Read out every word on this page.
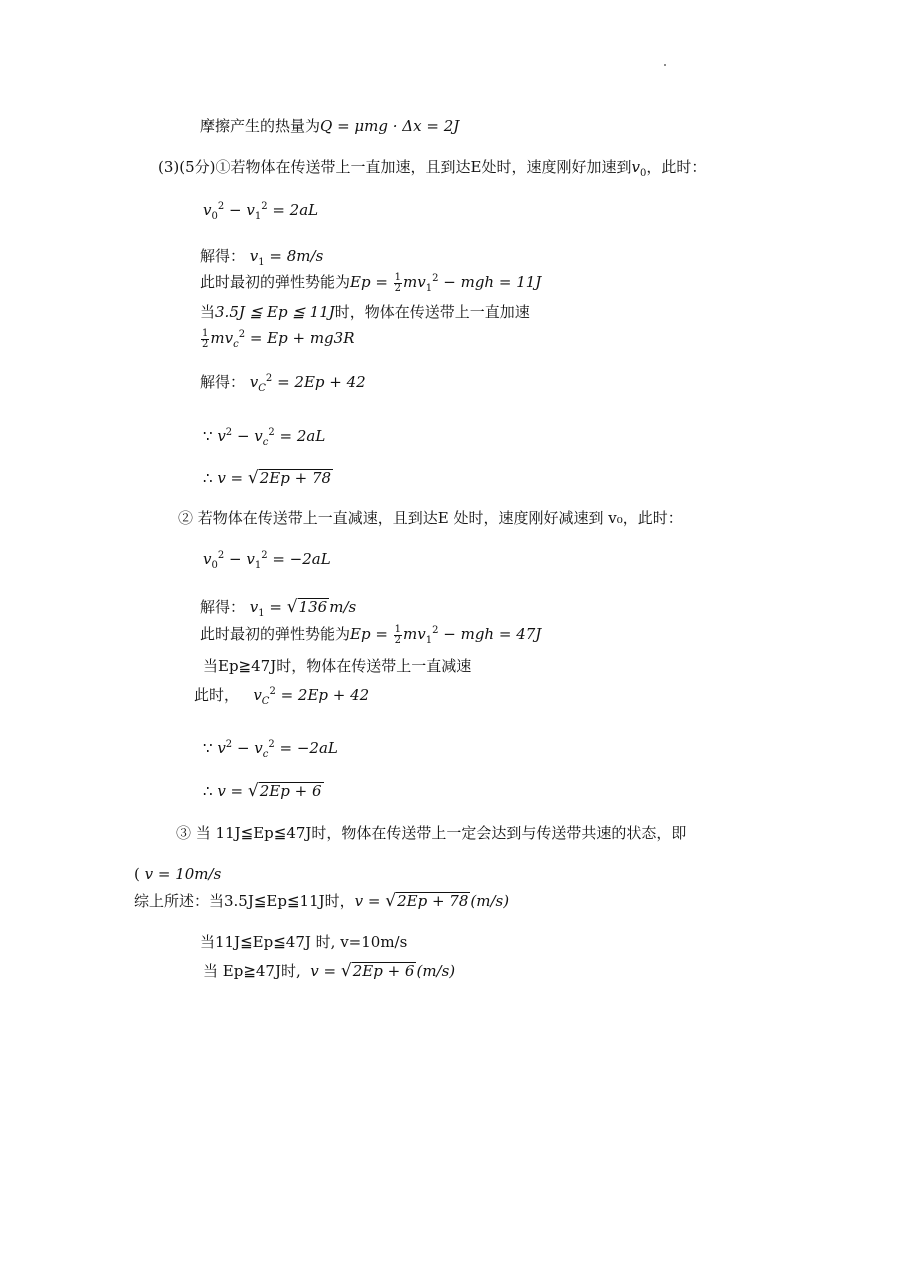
摩擦产生的热量为Q = μmg · Δx = 2J
(3)(5分)①若物体在传送带上一直加速，且到达E处时，速度刚好加速到$v_0$，此时：
$v_0^2 - v_1^2 = 2aL$
解得： $v_1 = 8m/s$
此时最初的弹性势能为$Ep = \frac{1}{2} mv_1^2$ − mgh = 11J
当3.5J ≦ Ep ≦ 11J时，物体在传送带上一直加速
$\frac{1}{2} mv_c^2 = Ep + mg3R$
解得： $v_C^2 = 2Ep + 42$
∵ $v^2 - v_c^2 = 2aL$
∴ v = √2Ep + 78
② 若物体在传送带上一直减速，且到达E 处时，速度刚好减速到 v₀，此时：
$v_0^2 - v_1^2 = -2aL$
解得： $v_1 = √136$ m/s
此时最初的弹性势能为$Ep = \frac{1}{2} mv_1^2$ − mgh = 47J
当Ep≧47J时，物体在传送带上一直减速
此时，   $v_C^2 = 2Ep + 42$
∵ $v^2 - v_c^2 = -2aL$
∴ v = √2Ep + 6
③ 当 11J≦Ep≦47J时，物体在传送带上一定会达到与传送带共速的状态，即
( v = 10m/s
综上所述：当3.5J≦Ep≦11J时，v = √2Ep + 78 (m/s)
当11J≦Ep≦47J 时, v=10m/s
当 Ep≧47J时,  v = √2Ep + 6 (m/s)
